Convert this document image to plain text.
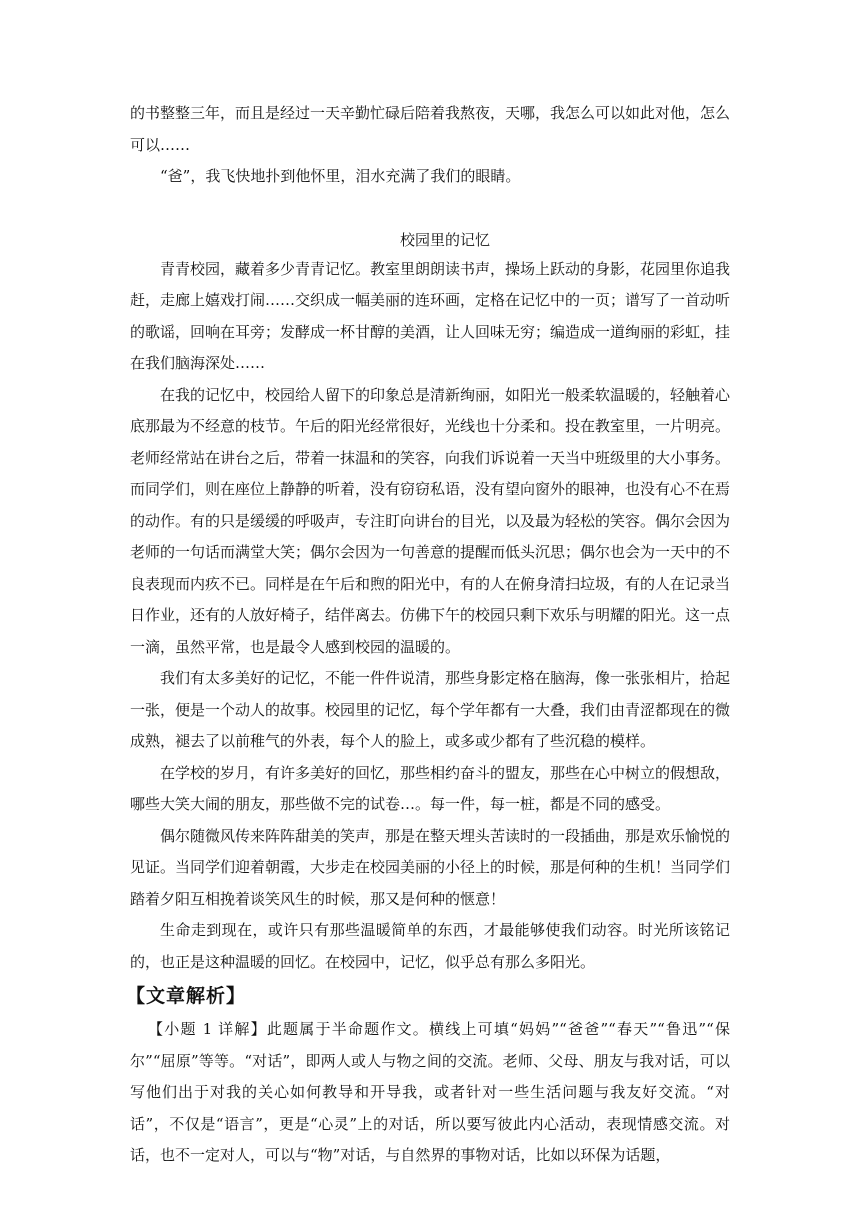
的书整整三年，而且是经过一天辛勤忙碌后陪着我熬夜，天哪，我怎么可以如此对他，怎么可以……

“爸”，我飞快地扑到他怀里，泪水充满了我们的眼睛。

校园里的记忆

青青校园，藏着多少青青记忆。教室里朗朗读书声，操场上跃动的身影，花园里你追我赶，走廊上嬉戏打闹……交织成一幅美丽的连环画，定格在记忆中的一页；谱写了一首动听的歌谣，回响在耳旁；发酵成一杯甘醇的美酒，让人回味无穷；编造成一道绚丽的彩虹，挂在我们脑海深处……

在我的记忆中，校园给人留下的印象总是清新绚丽，如阳光一般柔软温暖的，轻触着心底那最为不经意的枝节。午后的阳光经常很好，光线也十分柔和。投在教室里，一片明亮。老师经常站在讲台之后，带着一抹温和的笑容，向我们诉说着一天当中班级里的大小事务。而同学们，则在座位上静静的听着，没有窃窃私语，没有望向窗外的眼神，也没有心不在焉的动作。有的只是缓缓的呼吸声，专注盯向讲台的目光，以及最为轻松的笑容。偶尔会因为老师的一句话而满堂大笑；偶尔会因为一句善意的提醒而低头沉思；偶尔也会为一天中的不良表现而内疚不已。同样是在午后和煦的阳光中，有的人在俯身清扫垃圾，有的人在记录当日作业，还有的人放好椅子，结伴离去。仿佛下午的校园只剩下欢乐与明耀的阳光。这一点一滴，虽然平常，也是最令人感到校园的温暖的。

我们有太多美好的记忆，不能一件件说清，那些身影定格在脑海，像一张张相片，拾起一张，便是一个动人的故事。校园里的记忆，每个学年都有一大叠，我们由青涩都现在的微成熟，褪去了以前稚气的外表，每个人的脸上，或多或少都有了些沉稳的模样。

在学校的岁月，有许多美好的回忆，那些相约奋斗的盟友，那些在心中树立的假想敌，哪些大笑大闹的朋友，那些做不完的试卷…。每一件，每一桩，都是不同的感受。

偶尔随微风传来阵阵甜美的笑声，那是在整天埋头苦读时的一段插曲，那是欢乐愉悦的见证。当同学们迎着朝霞，大步走在校园美丽的小径上的时候，那是何种的生机！当同学们踏着夕阳互相挽着谈笑风生的时候，那又是何种的惬意！

生命走到现在，或许只有那些温暖简单的东西，才最能够使我们动容。时光所该铭记的，也正是这种温暖的回忆。在校园中，记忆，似乎总有那么多阳光。

【文章解析】

【小题 1 详解】此题属于半命题作文。横线上可填“妈妈”“爸爸”“春天”“鲁迅”“保尔”“屈原”等等。“对话”，即两人或人与物之间的交流。老师、父母、朋友与我对话，可以写他们出于对我的关心如何教导和开导我，或者针对一些生活问题与我友好交流。“对话”，不仅是“语言”，更是“心灵”上的对话，所以要写彼此内心活动，表现情感交流。对话，也不一定对人，可以与“物”对话，与自然界的事物对话，比如以环保为话题，
